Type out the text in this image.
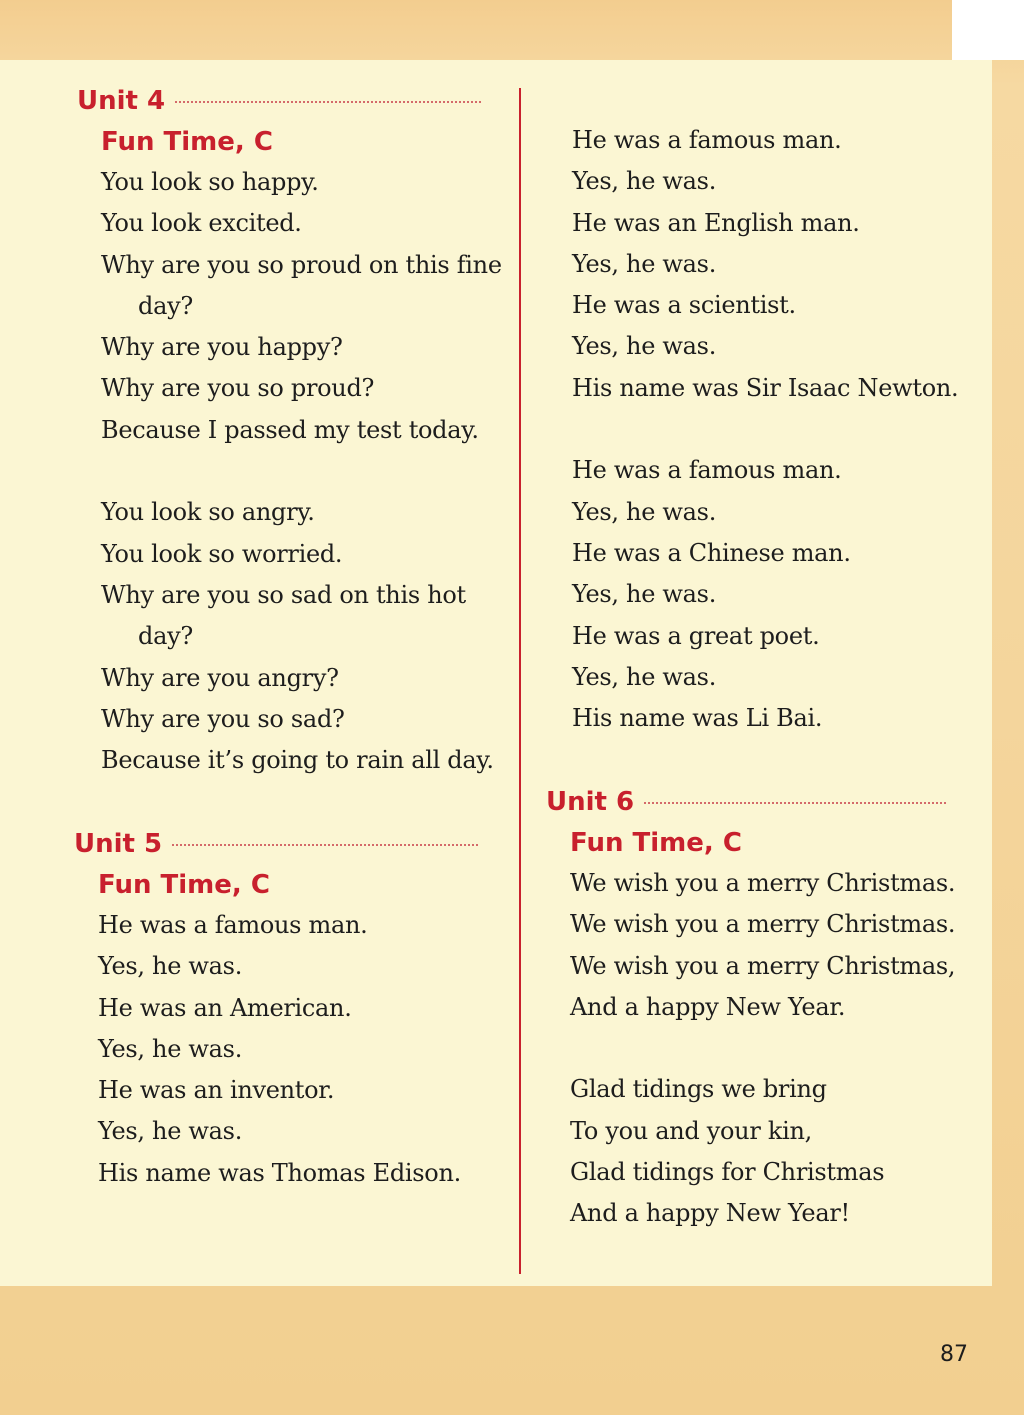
Unit 4
Fun Time, C
You look so happy.
You look excited.
Why are you so proud on this fine
day?
Why are you happy?
Why are you so proud?
Because I passed my test today.
You look so angry.
You look so worried.
Why are you so sad on this hot
day?
Why are you angry?
Why are you so sad?
Because it’s going to rain all day.
Unit 5
Fun Time, C
He was a famous man.
Yes, he was.
He was an American.
Yes, he was.
He was an inventor.
Yes, he was.
His name was Thomas Edison.
He was a famous man.
Yes, he was.
He was an English man.
Yes, he was.
He was a scientist.
Yes, he was.
His name was Sir Isaac Newton.
He was a famous man.
Yes, he was.
He was a Chinese man.
Yes, he was.
He was a great poet.
Yes, he was.
His name was Li Bai.
Unit 6
Fun Time, C
We wish you a merry Christmas.
We wish you a merry Christmas.
We wish you a merry Christmas,
And a happy New Year.
Glad tidings we bring
To you and your kin,
Glad tidings for Christmas
And a happy New Year!
87
